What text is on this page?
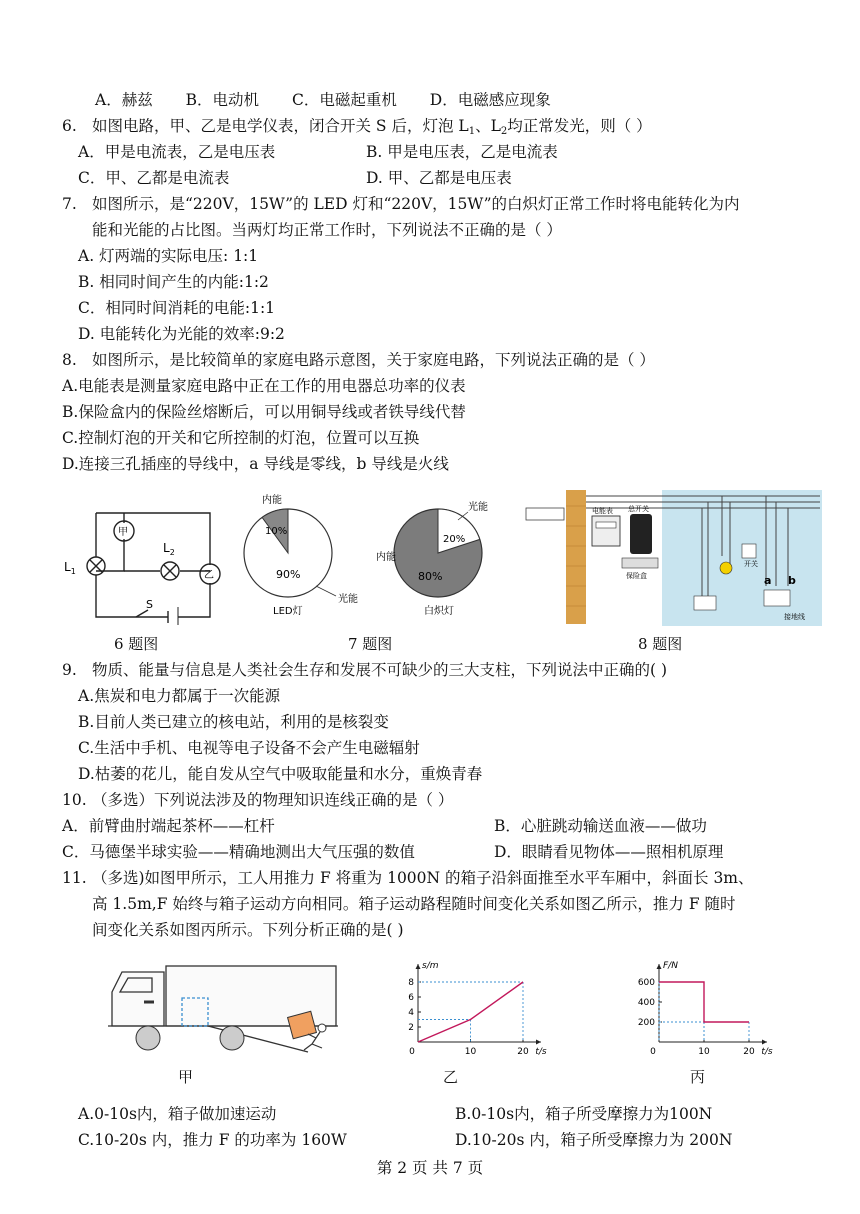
A．赫兹 B．电动机 C．电磁起重机 D．电磁感应现象
6. 如图电路，甲、乙是电学仪表，闭合开关 S 后，灯泡 $L_1$、$L_2$均正常发光，则（ ）
A．甲是电流表，乙是电压表	B. 甲是电压表，乙是电流表
C．甲、乙都是电流表	D. 甲、乙都是电压表
7. 如图所示，是“220V，15W”的 LED 灯和“220V，15W”的白炽灯正常工作时将电能转化为内
能和光能的占比图。当两灯均正常工作时，下列说法不正确的是（ ）
A. 灯两端的实际电压: 1:1
B. 相同时间产生的内能:1:2
C．相同时间消耗的电能:1:1
D. 电能转化为光能的效率:9:2
8. 如图所示，是比较简单的家庭电路示意图，关于家庭电路，下列说法正确的是（ ）
A.电能表是测量家庭电路中正在工作的用电器总功率的仪表
B.保险盒内的保险丝熔断后，可以用铜导线或者铁导线代替
C.控制灯泡的开关和它所控制的灯泡，位置可以互换
D.连接三孔插座的导线中，a 导线是零线，b 导线是火线
甲
乙
$L_1$
$L_2$
S
6 题图
内能
10%
90%
光能
LED灯
光能
20%
80%
内能
白炽灯
7 题图
电能表 总开关
保险盒
开关
a b
接地线
8 题图
9. 物质、能量与信息是人类社会生存和发展不可缺少的三大支柱，下列说法中正确的( )
A.焦炭和电力都属于一次能源
B.目前人类已建立的核电站，利用的是核裂变
C.生活中手机、电视等电子设备不会产生电磁辐射
D.枯萎的花儿，能自发从空气中吸取能量和水分，重焕青春
10. （多选）下列说法涉及的物理知识连线正确的是（ ）
A．前臂曲肘端起茶杯——杠杆	B．心脏跳动输送血液——做功
C．马德堡半球实验——精确地测出大气压强的数值	D．眼睛看见物体——照相机原理
11. （多选)如图甲所示，工人用推力 F 将重为 1000N 的箱子沿斜面推至水平车厢中，斜面长 3m、
高 1.5m,F 始终与箱子运动方向相同。箱子运动路程随时间变化关系如图乙所示，推力 F 随时
间变化关系如图丙所示。下列分析正确的是( )
甲
2
4
6
8
0	10	20 t/s
s/m
乙
200
400
600
0	10	20 t/s
F/N
丙
A.0-10s内，箱子做加速运动	B.0-10s内，箱子所受摩擦力为100N
C.10-20s 内，推力 F 的功率为 160W	D.10-20s 内，箱子所受摩擦力为 200N
第 2 页 共 7 页
